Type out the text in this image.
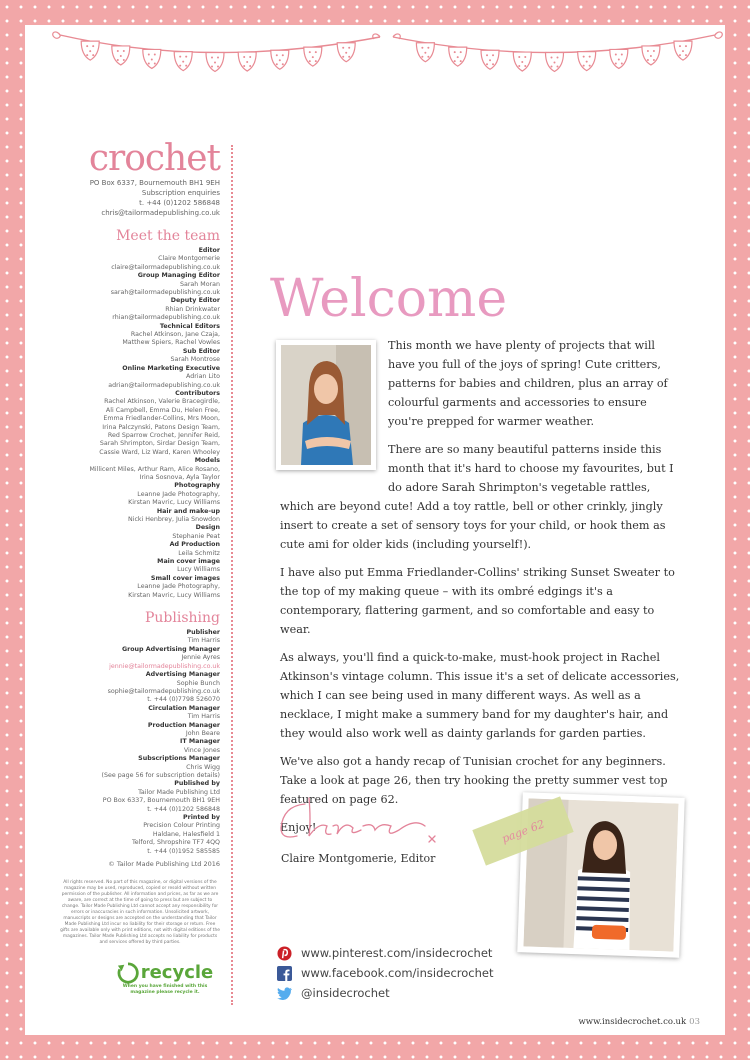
crochet
PO Box 6337, Bournemouth BH1 9EH
Subscription enquiries
t. +44 (0)1202 586848
chris@tailormadepublishing.co.uk
Meet the team
Editor
Claire Montgomerie
claire@tailormadepublishing.co.uk
Group Managing Editor
Sarah Moran
sarah@tailormadepublishing.co.uk
Deputy Editor
Rhian Drinkwater
rhian@tailormadepublishing.co.uk
Technical Editors
Rachel Atkinson, Jane Czaja,
Matthew Spiers, Rachel Vowles
Sub Editor
Sarah Montrose
Online Marketing Executive
Adrian Lito
adrian@tailormadepublishing.co.uk
Contributors
Rachel Atkinson, Valerie Bracegirdle,
Ali Campbell, Emma Du, Helen Free,
Emma Friedlander-Collins, Mrs Moon,
Irina Palczynski, Patons Design Team,
Red Sparrow Crochet, Jennifer Reid,
Sarah Shrimpton, Sirdar Design Team,
Cassie Ward, Liz Ward, Karen Whooley
Models
Millicent Miles, Arthur Ram, Alice Rosano,
Irina Sosnova, Ayla Taylor
Photography
Leanne Jade Photography,
Kirstan Mavric, Lucy Williams
Hair and make-up
Nicki Henbrey, Julia Snowdon
Design
Stephanie Peat
Ad Production
Leila Schmitz
Main cover image
Lucy Williams
Small cover images
Leanne Jade Photography,
Kirstan Mavric, Lucy Williams
Publishing
Publisher
Tim Harris
Group Advertising Manager
Jennie Ayres
jennie@tailormadepublishing.co.uk
Advertising Manager
Sophie Bunch
sophie@tailormadepublishing.co.uk
t. +44 (0)7798 526070
Circulation Manager
Tim Harris
Production Manager
John Beare
IT Manager
Vince Jones
Subscriptions Manager
Chris Wigg
(See page 56 for subscription details)
Published by
Tailor Made Publishing Ltd
PO Box 6337, Bournemouth BH1 9EH
t. +44 (0)1202 586848
Printed by
Precision Colour Printing
Haldane, Halesfield 1
Telford, Shropshire TF7 4QQ
t. +44 (0)1952 585585
© Tailor Made Publishing Ltd 2016
All rights reserved. No part of this magazine, or digital versions of the magazine may be used, reproduced, copied or resold without written permission of the publisher. All information and prices, as far as we are aware, are correct at the time of going to press but are subject to change. Tailor Made Publishing Ltd cannot accept any responsibility for errors or inaccuracies in such information. Unsolicited artwork, manuscripts or designs are accepted on the understanding that Tailor Made Publishing Ltd incur no liability for their storage or return. Free gifts are available only with print editions, not with digital editions of the magazines. Tailor Made Publishing Ltd accepts no liability for products and services offered by third parties.
recycle
When you have finished with this magazine please recycle it.
Welcome

This month we have plenty of projects that will have you full of the joys of spring! Cute critters, patterns for babies and children, plus an array of colourful garments and accessories to ensure you're prepped for warmer weather.

There are so many beautiful patterns inside this month that it's hard to choose my favourites, but I do adore Sarah Shrimpton's vegetable rattles, which are beyond cute! Add a toy rattle, bell or other crinkly, jingly insert to create a set of sensory toys for your child, or hook them as cute ami for older kids (including yourself!).

I have also put Emma Friedlander-Collins' striking Sunset Sweater to the top of my making queue – with its ombré edgings it's a contemporary, flattering garment, and so comfortable and easy to wear.

As always, you'll find a quick-to-make, must-hook project in Rachel Atkinson's vintage column. This issue it's a set of delicate accessories, which I can see being used in many different ways. As well as a necklace, I might make a summery band for my daughter's hair, and they would also work well as dainty garlands for garden parties.

We've also got a handy recap of Tunisian crochet for any beginners. Take a look at page 26, then try hooking the pretty summer vest top featured on page 62.

Enjoy!

Claire Montgomerie, Editor
page 62
www.pinterest.com/insidecrochet
www.facebook.com/insidecrochet
@insidecrochet
www.insidecrochet.co.uk 03
